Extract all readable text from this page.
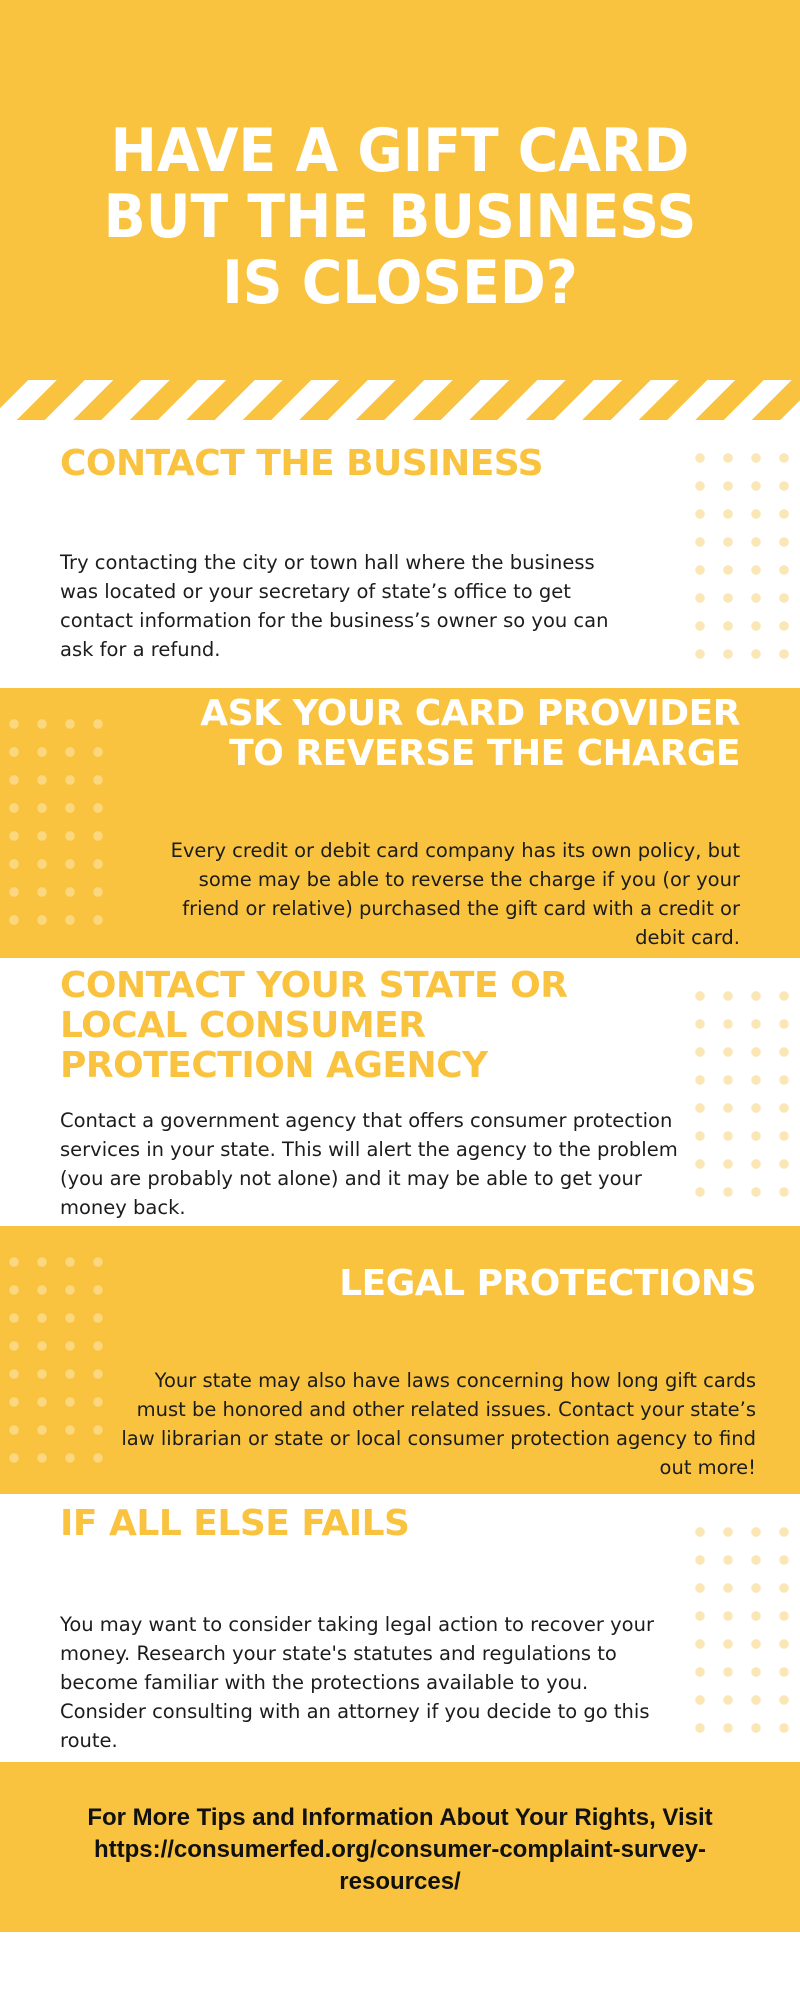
HAVE A GIFT CARD BUT THE BUSINESS IS CLOSED?
CONTACT THE BUSINESS

Try contacting the city or town hall where the business was located or your secretary of state’s office to get contact information for the business’s owner so you can ask for a refund.

ASK YOUR CARD PROVIDER TO REVERSE THE CHARGE

Every credit or debit card company has its own policy, but some may be able to reverse the charge if you (or your friend or relative) purchased the gift card with a credit or debit card.

CONTACT YOUR STATE OR LOCAL CONSUMER PROTECTION AGENCY

Contact a government agency that offers consumer protection services in your state. This will alert the agency to the problem (you are probably not alone) and it may be able to get your money back.

LEGAL PROTECTIONS

Your state may also have laws concerning how long gift cards must be honored and other related issues. Contact your state’s law librarian or state or local consumer protection agency to find out more!

IF ALL ELSE FAILS

You may want to consider taking legal action to recover your money. Research your state's statutes and regulations to become familiar with the protections available to you. Consider consulting with an attorney if you decide to go this route.

For More Tips and Information About Your Rights, Visit https://consumerfed.org/consumer-complaint-survey-resources/
